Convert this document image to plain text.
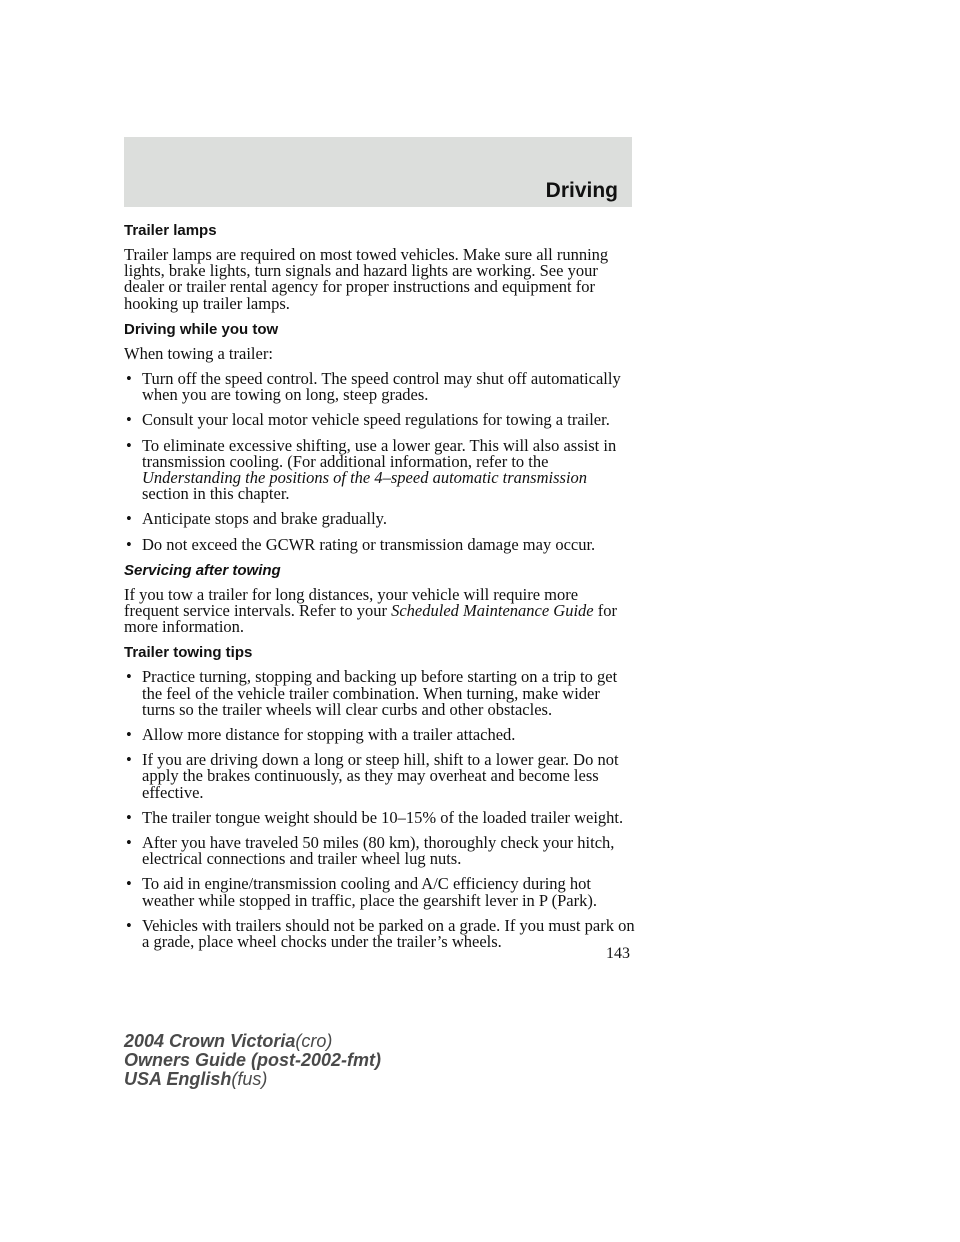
Driving
Trailer lamps

Trailer lamps are required on most towed vehicles. Make sure all running lights, brake lights, turn signals and hazard lights are working. See your dealer or trailer rental agency for proper instructions and equipment for hooking up trailer lamps.

Driving while you tow

When towing a trailer:

• Turn off the speed control. The speed control may shut off automatically when you are towing on long, steep grades.
• Consult your local motor vehicle speed regulations for towing a trailer.
• To eliminate excessive shifting, use a lower gear. This will also assist in transmission cooling. (For additional information, refer to the Understanding the positions of the 4–speed automatic transmission section in this chapter.
• Anticipate stops and brake gradually.
• Do not exceed the GCWR rating or transmission damage may occur.
Servicing after towing

If you tow a trailer for long distances, your vehicle will require more frequent service intervals. Refer to your Scheduled Maintenance Guide for more information.

Trailer towing tips
• Practice turning, stopping and backing up before starting on a trip to get the feel of the vehicle trailer combination. When turning, make wider turns so the trailer wheels will clear curbs and other obstacles.
• Allow more distance for stopping with a trailer attached.
• If you are driving down a long or steep hill, shift to a lower gear. Do not apply the brakes continuously, as they may overheat and become less effective.
• The trailer tongue weight should be 10–15% of the loaded trailer weight.
• After you have traveled 50 miles (80 km), thoroughly check your hitch, electrical connections and trailer wheel lug nuts.
• To aid in engine/transmission cooling and A/C efficiency during hot weather while stopped in traffic, place the gearshift lever in P (Park).
• Vehicles with trailers should not be parked on a grade. If you must park on a grade, place wheel chocks under the trailer’s wheels.
143
2004 Crown Victoria(cro)
Owners Guide (post-2002-fmt)
USA English(fus)
